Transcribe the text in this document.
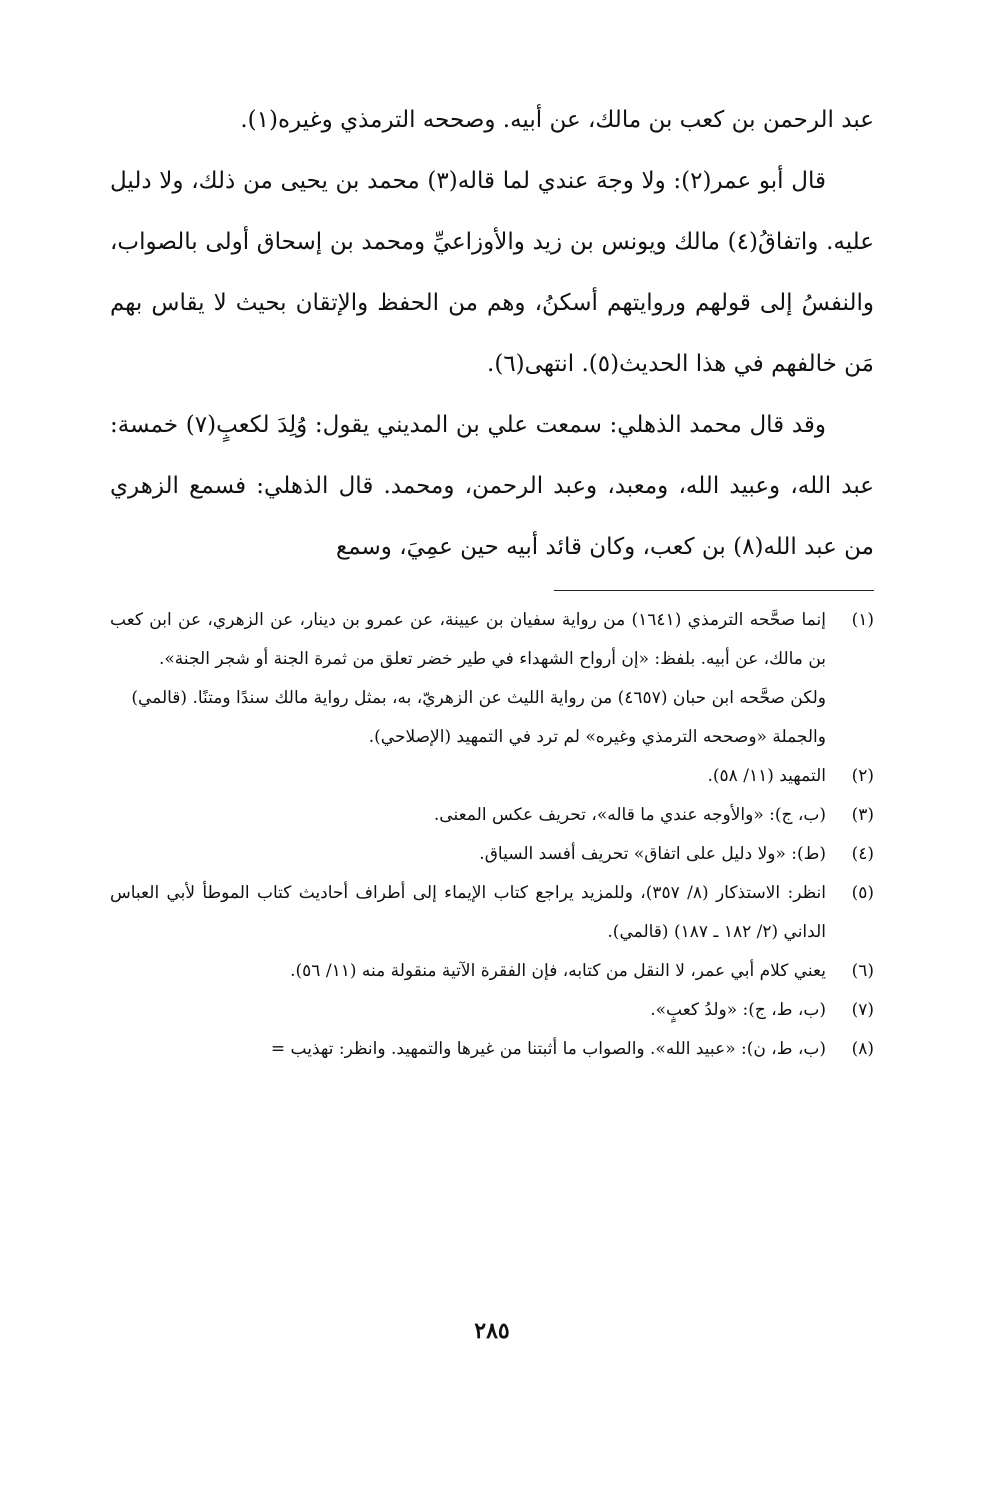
عبد الرحمن بن كعب بن مالك، عن أبيه. وصححه الترمذي وغيره(١).

قال أبو عمر(٢): ولا وجهَ عندي لما قاله(٣) محمد بن يحيى من ذلك، ولا دليل عليه. واتفاقُ(٤) مالك ويونس بن زيد والأوزاعيِّ ومحمد بن إسحاق أولى بالصواب، والنفسُ إلى قولهم وروايتهم أسكنُ، وهم من الحفظ والإتقان بحيث لا يقاس بهم مَن خالفهم في هذا الحديث(٥). انتهى(٦).

وقد قال محمد الذهلي: سمعت علي بن المديني يقول: وُلِدَ لكعبٍ(٧) خمسة: عبد الله، وعبيد الله، ومعبد، وعبد الرحمن، ومحمد. قال الذهلي: فسمع الزهري من عبد الله(٨) بن كعب، وكان قائد أبيه حين عمِيَ، وسمع

(١)
إنما صحَّحه الترمذي (١٦٤١) من رواية سفيان بن عيينة، عن عمرو بن دينار، عن الزهري، عن ابن كعب بن مالك، عن أبيه. بلفظ: «إن أرواح الشهداء في طير خضر تعلق من ثمرة الجنة أو شجر الجنة».
ولكن صحَّحه ابن حبان (٤٦٥٧) من رواية الليث عن الزهريّ، به، بمثل رواية مالك سندًا ومتنًا. (قالمي)
والجملة «وصححه الترمذي وغيره» لم ترد في التمهيد (الإصلاحي).
(٢)
التمهيد (١١/ ٥٨).
(٣)
(ب، ج): «والأوجه عندي ما قاله»، تحريف عكس المعنى.
(٤)
(ط): «ولا دليل على اتفاق» تحريف أفسد السياق.
(٥)
انظر: الاستذكار (٨/ ٣٥٧)، وللمزيد يراجع كتاب الإيماء إلى أطراف أحاديث كتاب الموطأ لأبي العباس الداني (٢/ ١٨٢ ـ ١٨٧) (قالمي).
(٦)
يعني كلام أبي عمر، لا النقل من كتابه، فإن الفقرة الآتية منقولة منه (١١/ ٥٦).
(٧)
(ب، ط، ج): «ولدُ كعبٍ».
(٨)
(ب، ط، ن): «عبيد الله». والصواب ما أثبتنا من غيرها والتمهيد. وانظر: تهذيب =
٢٨٥
